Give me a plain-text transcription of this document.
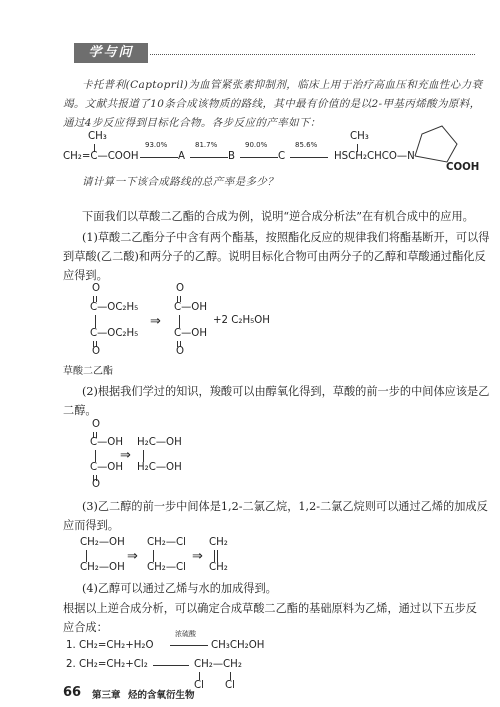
学与问
卡托普利(Captopril)为血管紧张素抑制剂，临床上用于治疗高血压和充血性心力衰
竭。文献共报道了10条合成该物质的路线，其中最有价值的是以2-甲基丙烯酸为原料，
通过4步反应得到目标化合物。各步反应的产率如下：
CH₃
CH₂=C—COOH
93.0%
A
81.7%
B
90.0%
C
85.6%
CH₃
HSCH₂CHCO—N
COOH
请计算一下该合成路线的总产率是多少？
下面我们以草酸二乙酯的合成为例，说明“逆合成分析法”在有机合成中的应用。
(1)草酸二乙酯分子中含有两个酯基，按照酯化反应的规律我们将酯基断开，可以得
到草酸(乙二酸)和两分子的乙醇。说明目标化合物可由两分子的乙醇和草酸通过酯化反
应得到。
O
C—OC₂H₅
C—OC₂H₅
O
⇒
O
C—OH
C—OH
O
+2 C₂H₅OH
草酸二乙酯
(2)根据我们学过的知识，羧酸可以由醇氧化得到，草酸的前一步的中间体应该是乙
二醇。
O
C—OH
C—OH
O
⇒
H₂C—OH
H₂C—OH
(3)乙二醇的前一步中间体是1,2-二氯乙烷，1,2-二氯乙烷则可以通过乙烯的加成反
应而得到。
CH₂—OH
CH₂—OH
⇒
CH₂—Cl
CH₂—Cl
⇒
CH₂
CH₂
(4)乙醇可以通过乙烯与水的加成得到。
根据以上逆合成分析，可以确定合成草酸二乙酯的基础原料为乙烯，通过以下五步反
应合成：
1. CH₂=CH₂+H₂O
浓硫酸
CH₃CH₂OH
2. CH₂=CH₂+Cl₂	CH₂—CH₂
Cl Cl
66 第三章 烃的含氧衍生物
